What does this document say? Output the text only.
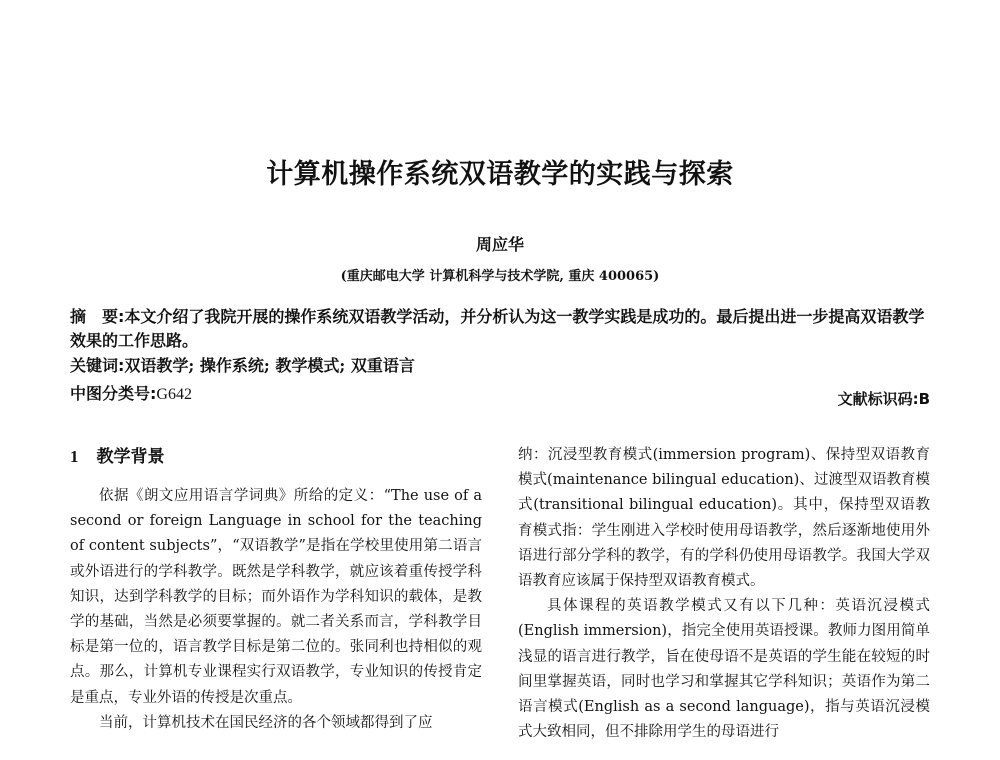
计算机操作系统双语教学的实践与探索
周应华
(重庆邮电大学 计算机科学与技术学院, 重庆 400065)
摘　要:本文介绍了我院开展的操作系统双语教学活动，并分析认为这一教学实践是成功的。最后提出进一步提高双语教学效果的工作思路。
关键词:双语教学; 操作系统; 教学模式; 双重语言
中图分类号:G642	文献标识码:B
1 教学背景

依据《朗文应用语言学词典》所给的定义：“The use of a second or foreign Language in school for the teaching of content subjects”，“双语教学”是指在学校里使用第二语言或外语进行的学科教学。既然是学科教学，就应该着重传授学科知识，达到学科教学的目标；而外语作为学科知识的载体，是教学的基础，当然是必须要掌握的。就二者关系而言，学科教学目标是第一位的，语言教学目标是第二位的。张同利也持相似的观点。那么，计算机专业课程实行双语教学，专业知识的传授肯定是重点，专业外语的传授是次重点。

当前，计算机技术在国民经济的各个领域都得到了应

纳：沉浸型教育模式(immersion program)、保持型双语教育模式(maintenance bilingual education)、过渡型双语教育模式(transitional bilingual education)。其中，保持型双语教育模式指：学生刚进入学校时使用母语教学，然后逐渐地使用外语进行部分学科的教学，有的学科仍使用母语教学。我国大学双语教育应该属于保持型双语教育模式。

具体课程的英语教学模式又有以下几种：英语沉浸模式(English immersion)，指完全使用英语授课。教师力图用简单浅显的语言进行教学，旨在使母语不是英语的学生能在较短的时间里掌握英语，同时也学习和掌握其它学科知识；英语作为第二语言模式(English as a second language)，指与英语沉浸模式大致相同，但不排除用学生的母语进行
